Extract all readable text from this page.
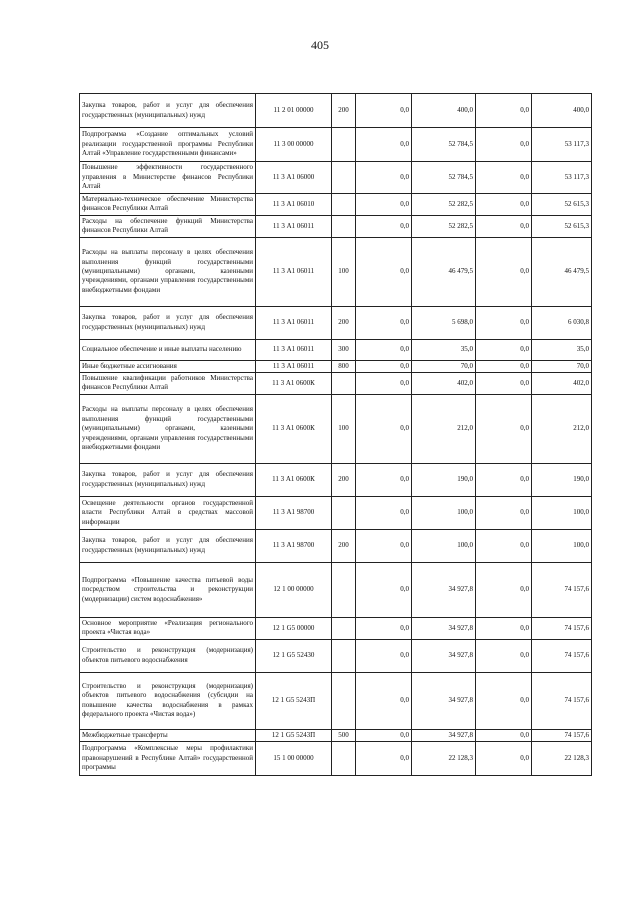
405
Закупка товаров, работ и услуг для обеспечения государственных (муниципальных) нужд	11 2 01 00000	200	0,0	400,0	0,0	400,0
Подпрограмма «Создание оптимальных условий реализации государственной программы Республики Алтай «Управление государственными финансами»	11 3 00 00000		0,0	52 784,5	0,0	53 117,3
Повышение эффективности государственного управления в Министерстве финансов Республики Алтай	11 3 А1 06000		0,0	52 784,5	0,0	53 117,3
Материально-техническое обеспечение Министерства финансов Республики Алтай	11 3 А1 06010		0,0	52 282,5	0,0	52 615,3
Расходы на обеспечение функций Министерства финансов Республики Алтай	11 3 А1 06011		0,0	52 282,5	0,0	52 615,3
Расходы на выплаты персоналу в целях обеспечения выполнения функций государственными (муниципальными) органами, казенными учреждениями, органами управления государственными внебюджетными фондами	11 3 А1 06011	100	0,0	46 479,5	0,0	46 479,5
Закупка товаров, работ и услуг для обеспечения государственных (муниципальных) нужд	11 3 А1 06011	200	0,0	5 698,0	0,0	6 030,8
Социальное обеспечение и иные выплаты населению	11 3 А1 06011	300	0,0	35,0	0,0	35,0
Иные бюджетные ассигнования	11 3 А1 06011	800	0,0	70,0	0,0	70,0
Повышение квалификации работников Министерства финансов Республики Алтай	11 3 А1 0600К		0,0	402,0	0,0	402,0
Расходы на выплаты персоналу в целях обеспечения выполнения функций государственными (муниципальными) органами, казенными учреждениями, органами управления государственными внебюджетными фондами	11 3 А1 0600К	100	0,0	212,0	0,0	212,0
Закупка товаров, работ и услуг для обеспечения государственных (муниципальных) нужд	11 3 А1 0600К	200	0,0	190,0	0,0	190,0
Освещение деятельности органов государственной власти Республики Алтай в средствах массовой информации	11 3 А1 98700		0,0	100,0	0,0	100,0
Закупка товаров, работ и услуг для обеспечения государственных (муниципальных) нужд	11 3 А1 98700	200	0,0	100,0	0,0	100,0
Подпрограмма «Повышение качества питьевой воды посредством строительства и реконструкции (модернизации) систем водоснабжения»	12 1 00 00000		0,0	34 927,8	0,0	74 157,6
Основное мероприятие «Реализация регионального проекта «Чистая вода»	12 1 G5 00000		0,0	34 927,8	0,0	74 157,6
Строительство и реконструкция (модернизация) объектов питьевого водоснабжения	12 1 G5 52430		0,0	34 927,8	0,0	74 157,6
Строительство и реконструкция (модернизация) объектов питьевого водоснабжения (субсидии на повышение качества водоснабжения в рамках федерального проекта «Чистая вода»)	12 1 G5 5243П		0,0	34 927,8	0,0	74 157,6
Межбюджетные трансферты	12 1 G5 5243П	500	0,0	34 927,8	0,0	74 157,6
Подпрограмма «Комплексные меры профилактики правонарушений в Республике Алтай» государственной программы	15 1 00 00000		0,0	22 128,3	0,0	22 128,3
